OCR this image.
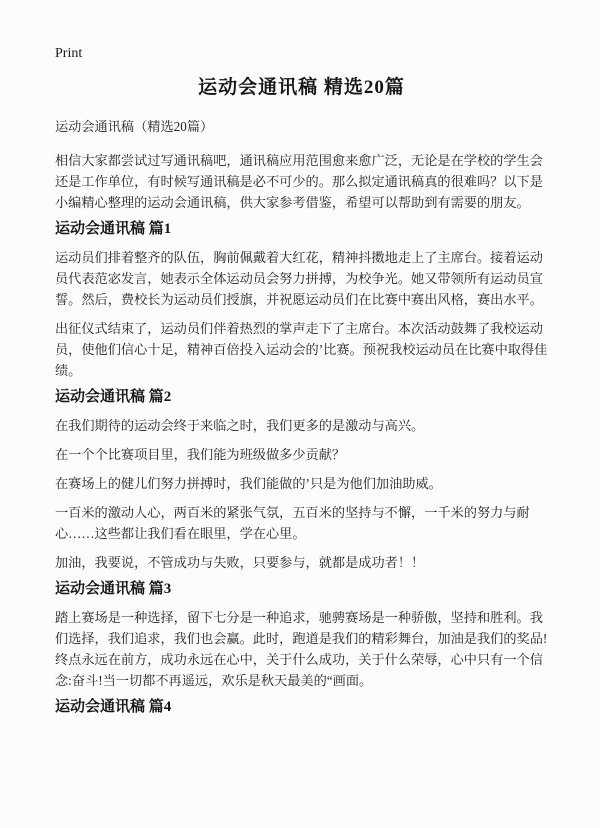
Print
运动会通讯稿 精选20篇

运动会通讯稿（精选20篇）

相信大家都尝试过写通讯稿吧，通讯稿应用范围愈来愈广泛，无论是在学校的学生会还是工作单位，有时候写通讯稿是必不可少的。那么拟定通讯稿真的很难吗？以下是小编精心整理的运动会通讯稿，供大家参考借鉴，希望可以帮助到有需要的朋友。

运动会通讯稿 篇1

运动员们排着整齐的队伍，胸前佩戴着大红花，精神抖擞地走上了主席台。接着运动员代表范宓发言，她表示全体运动员会努力拼搏，为校争光。她又带领所有运动员宣誓。然后，费校长为运动员们授旗，并祝愿运动员们在比赛中赛出风格，赛出水平。

出征仪式结束了，运动员们伴着热烈的掌声走下了主席台。本次活动鼓舞了我校运动员，使他们信心十足，精神百倍投入运动会的’比赛。预祝我校运动员在比赛中取得佳绩。

运动会通讯稿 篇2

在我们期待的运动会终于来临之时，我们更多的是激动与高兴。

在一个个比赛项目里，我们能为班级做多少贡献？

在赛场上的健儿们努力拼搏时，我们能做的’只是为他们加油助威。

一百米的激动人心，两百米的紧张气氛，五百米的坚持与不懈，一千米的努力与耐心……这些都让我们看在眼里，学在心里。

加油，我要说，不管成功与失败，只要参与，就都是成功者！！

运动会通讯稿 篇3

踏上赛场是一种选择，留下七分是一种追求，驰骋赛场是一种骄傲，坚持和胜利。我们选择，我们追求，我们也会赢。此时，跑道是我们的精彩舞台，加油是我们的奖品!终点永远在前方，成功永远在心中，关于什么成功，关于什么荣辱，心中只有一个信念:奋斗!当一切都不再遥远，欢乐是秋天最美的“画面。

运动会通讯稿 篇4
